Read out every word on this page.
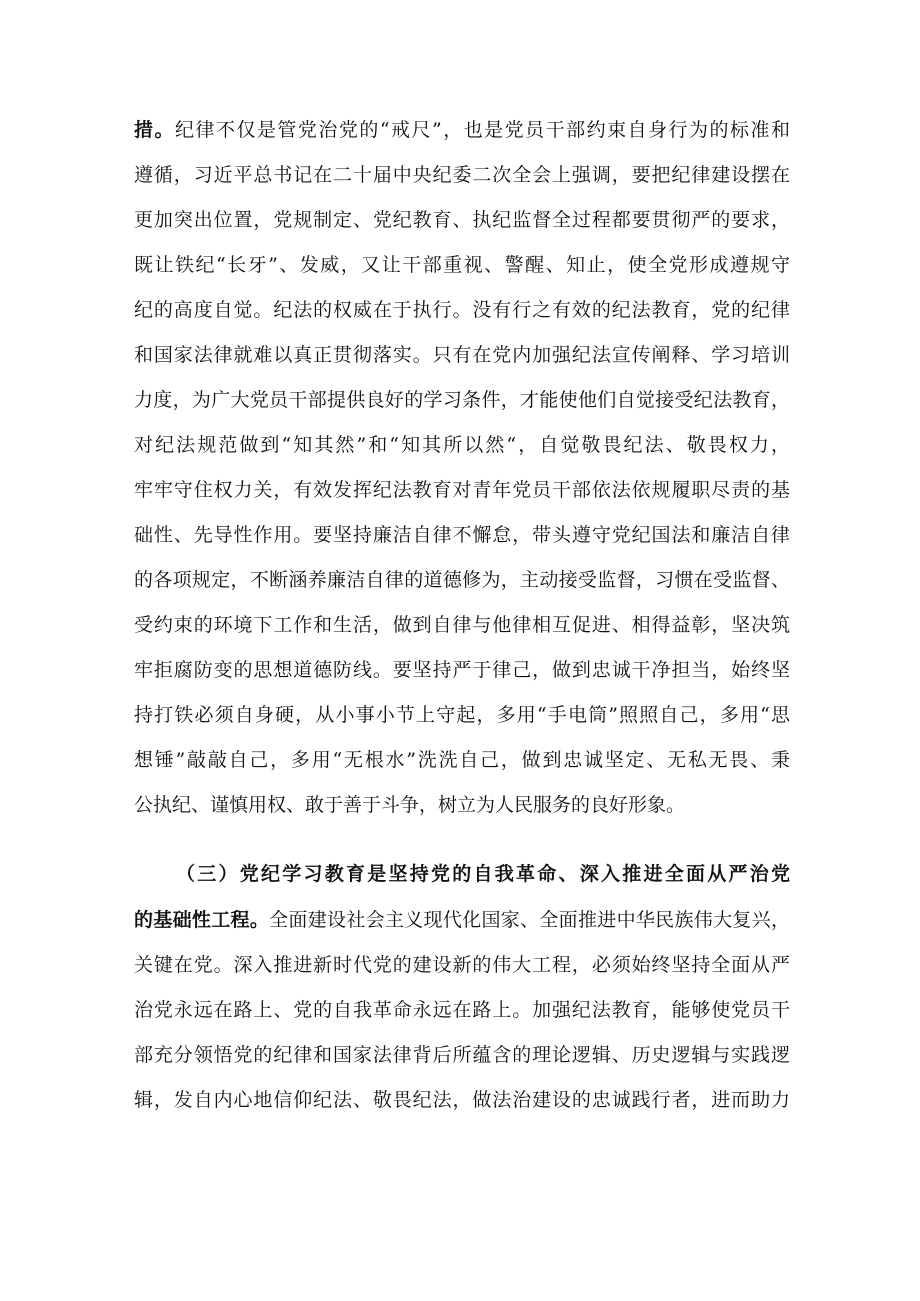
措。纪律不仅是管党治党的“戒尺”，也是党员干部约束自身行为的标准和
遵循，习近平总书记在二十届中央纪委二次全会上强调，要把纪律建设摆在
更加突出位置，党规制定、党纪教育、执纪监督全过程都要贯彻严的要求，
既让铁纪“长牙”、发威，又让干部重视、警醒、知止，使全党形成遵规守
纪的高度自觉。纪法的权威在于执行。没有行之有效的纪法教育，党的纪律
和国家法律就难以真正贯彻落实。只有在党内加强纪法宣传阐释、学习培训
力度，为广大党员干部提供良好的学习条件，才能使他们自觉接受纪法教育，
对纪法规范做到“知其然”和“知其所以然“，自觉敬畏纪法、敬畏权力，
牢牢守住权力关，有效发挥纪法教育对青年党员干部依法依规履职尽责的基
础性、先导性作用。要坚持廉洁自律不懈怠，带头遵守党纪国法和廉洁自律
的各项规定，不断涵养廉洁自律的道德修为，主动接受监督，习惯在受监督、
受约束的环境下工作和生活，做到自律与他律相互促进、相得益彰，坚决筑
牢拒腐防变的思想道德防线。要坚持严于律己，做到忠诚干净担当，始终坚
持打铁必须自身硬，从小事小节上守起，多用“手电筒”照照自己，多用“思
想锤”敲敲自己，多用“无根水”洗洗自己，做到忠诚坚定、无私无畏、秉
公执纪、谨慎用权、敢于善于斗争，树立为人民服务的良好形象。
（三）党纪学习教育是坚持党的自我革命、深入推进全面从严治党
的基础性工程。全面建设社会主义现代化国家、全面推进中华民族伟大复兴，
关键在党。深入推进新时代党的建设新的伟大工程，必须始终坚持全面从严
治党永远在路上、党的自我革命永远在路上。加强纪法教育，能够使党员干
部充分领悟党的纪律和国家法律背后所蕴含的理论逻辑、历史逻辑与实践逻
辑，发自内心地信仰纪法、敬畏纪法，做法治建设的忠诚践行者，进而助力
